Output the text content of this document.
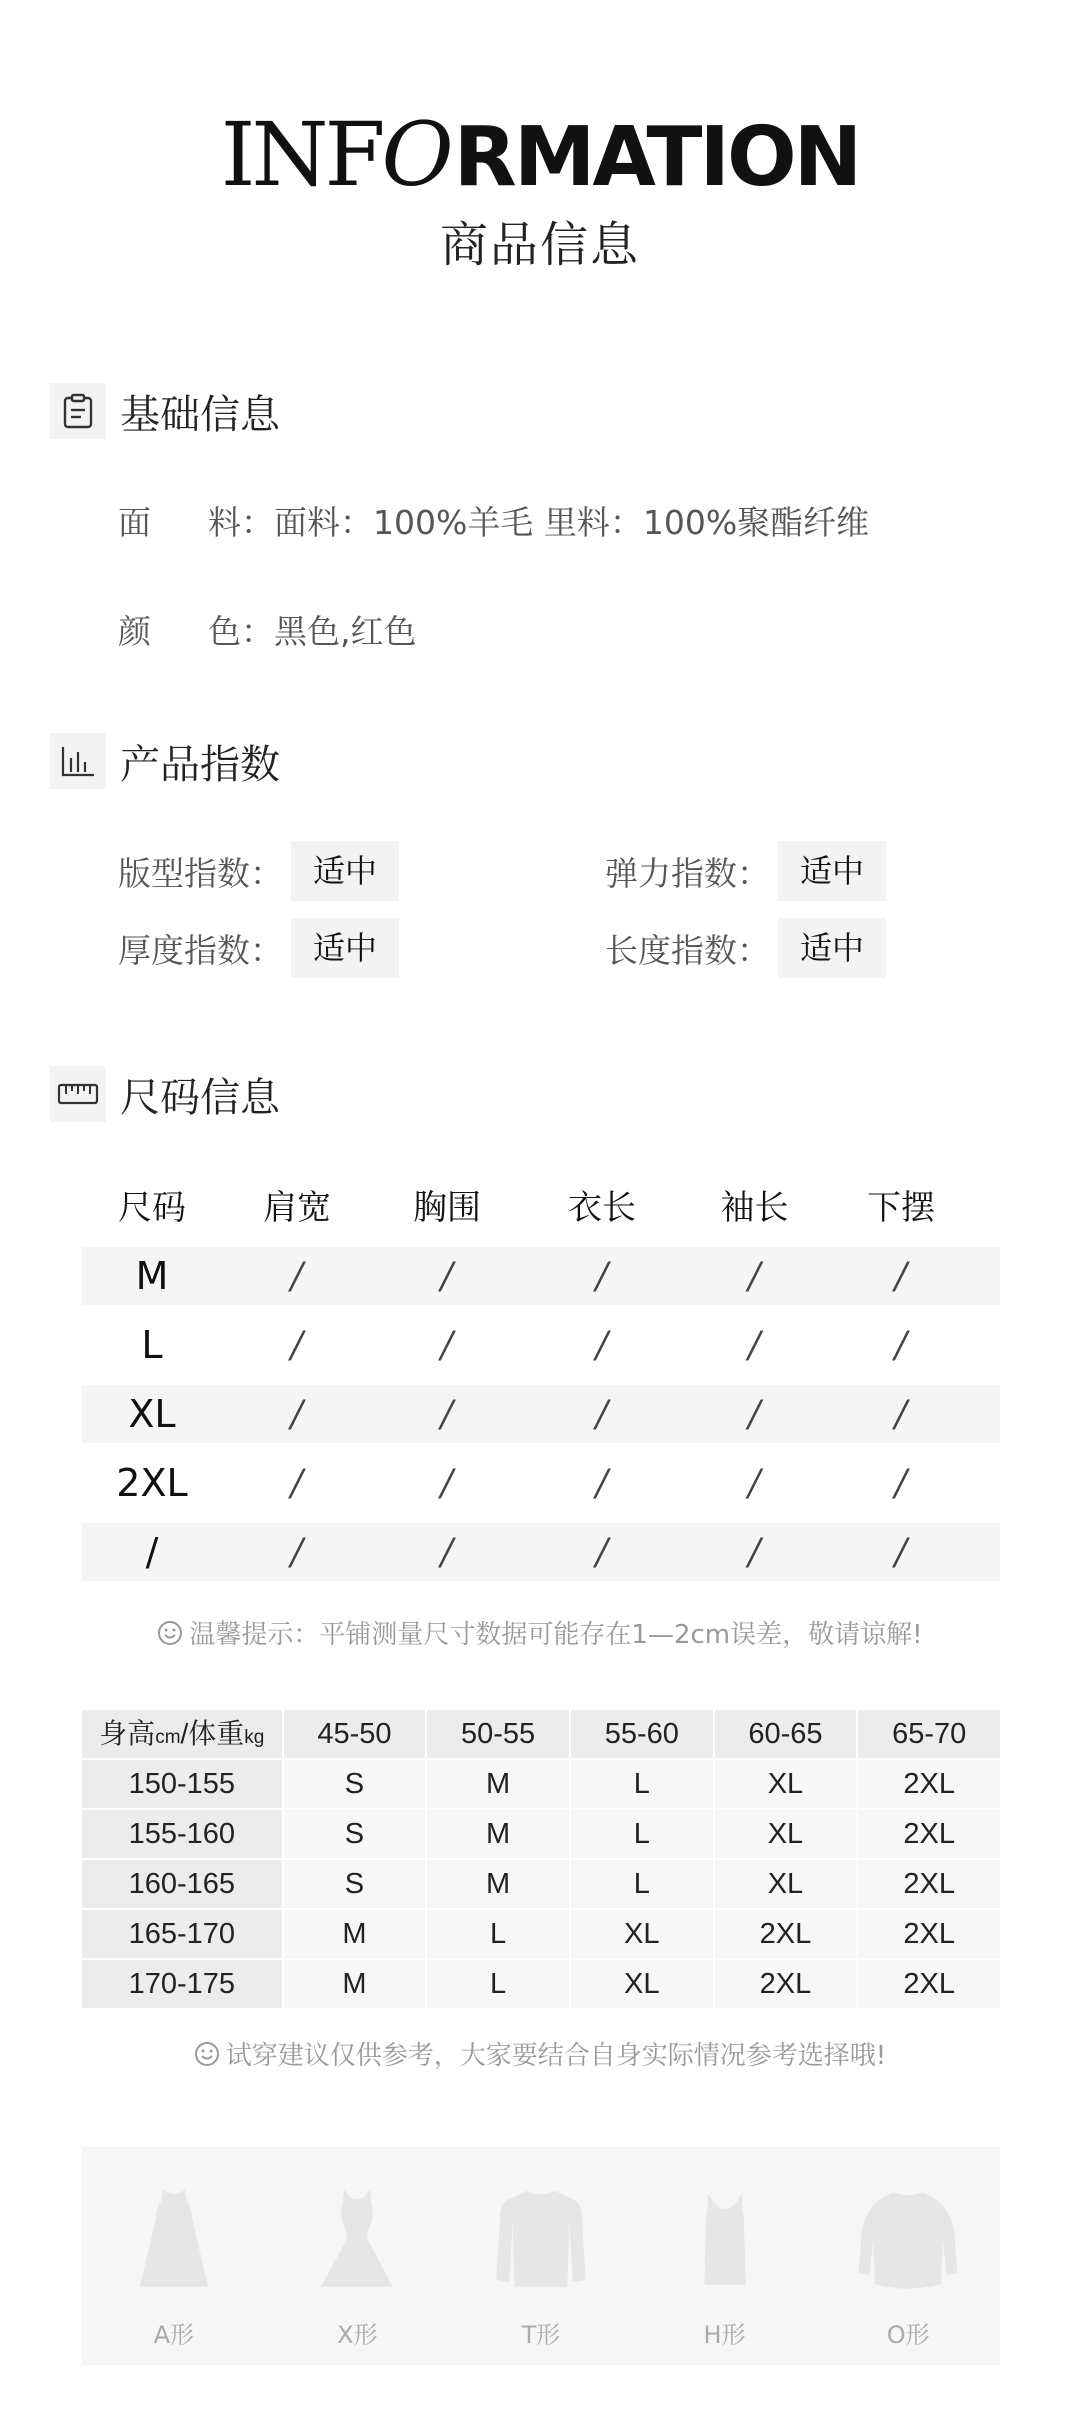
INFORMATION
商品信息
基础信息
面 料：面料：100%羊毛 里料：100%聚酯纤维
颜 色：黑色,红色
产品指数
版型指数： 适中	弹力指数： 适中
厚度指数： 适中	长度指数： 适中
尺码信息
尺码	肩宽	胸围	衣长	袖长	下摆
M	/	/	/	/	/
L	/	/	/	/	/
XL	/	/	/	/	/
2XL	/	/	/	/	/
/	/	/	/	/	/
温馨提示：平铺测量尺寸数据可能存在1—2cm误差，敬请谅解!
身高cm/体重kg	45-50	50-55	55-60	60-65	65-70
150-155	S	M	L	XL	2XL
155-160	S	M	L	XL	2XL
160-165	S	M	L	XL	2XL
165-170	M	L	XL	2XL	2XL
170-175	M	L	XL	2XL	2XL
试穿建议仅供参考，大家要结合自身实际情况参考选择哦!
A形	X形	T形	H形	O形
